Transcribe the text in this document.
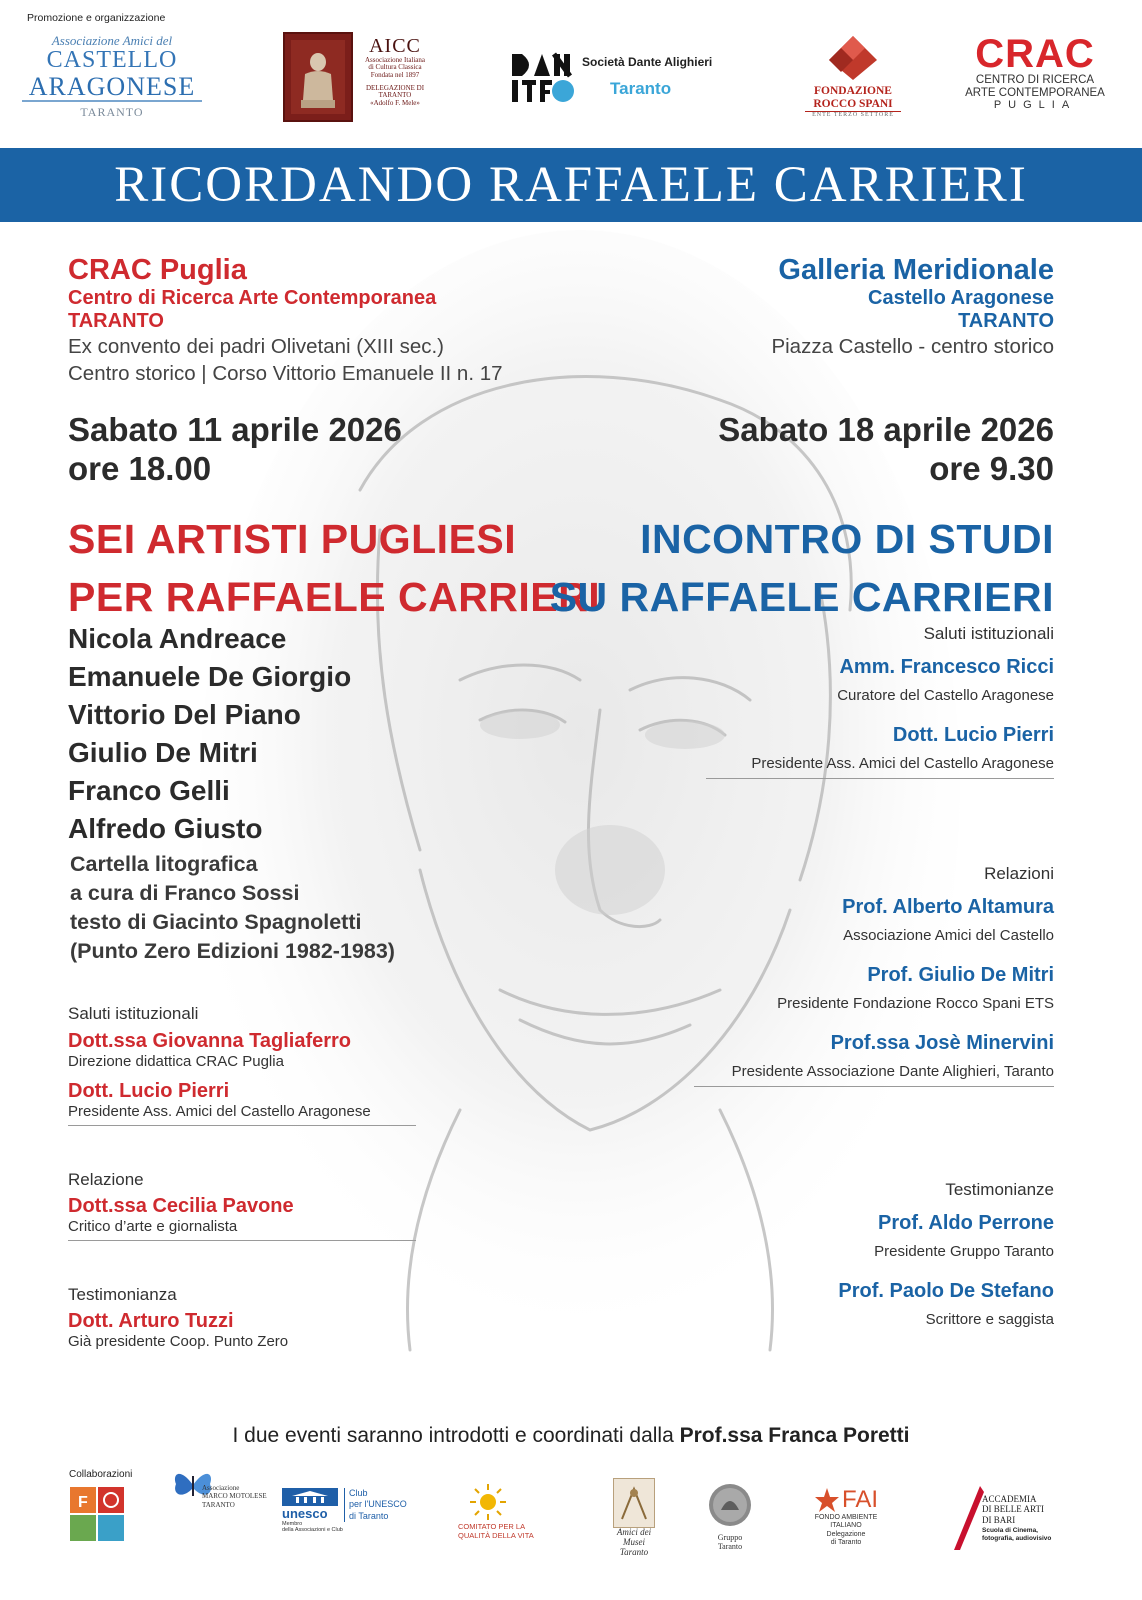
Promozione e organizzazione
Associazione Amici del
CASTELLO
ARAGONESE
TARANTO
AICC
Associazione Italiana
di Cultura Classica
Fondata nel 1897
DELEGAZIONE DI TARANTO
«Adolfo F. Mele»
Società Dante Alighieri
Taranto	FONDAZIONE
ROCCO SPANI
ENTE TERZO SETTORE
CRAC
CENTRO DI RICERCA
ARTE CONTEMPORANEA
PUGLIA
RICORDANDO RAFFAELE CARRIERI
CRAC Puglia
Centro di Ricerca Arte Contemporanea
TARANTO
Ex convento dei padri Olivetani (XIII sec.)
Centro storico | Corso Vittorio Emanuele II n. 17
Sabato 11 aprile 2026
ore 18.00
SEI ARTISTI PUGLIESI
PER RAFFAELE CARRIERI
Nicola Andreace
Emanuele De Giorgio
Vittorio Del Piano
Giulio De Mitri
Franco Gelli
Alfredo Giusto
Cartella litografica
a cura di Franco Sossi
testo di Giacinto Spagnoletti
(Punto Zero Edizioni 1982-1983)
Saluti istituzionali
Dott.ssa Giovanna Tagliaferro
Direzione didattica CRAC Puglia
Dott. Lucio Pierri
Presidente Ass. Amici del Castello Aragonese
Relazione
Dott.ssa Cecilia Pavone
Critico d’arte e giornalista
Testimonianza
Dott. Arturo Tuzzi
Già presidente Coop. Punto Zero
Galleria Meridionale
Castello Aragonese
TARANTO
Piazza Castello - centro storico
Sabato 18 aprile 2026
ore 9.30
INCONTRO DI STUDI
SU RAFFAELE CARRIERI
Saluti istituzionali
Amm. Francesco Ricci
Curatore del Castello Aragonese
Dott. Lucio Pierri
Presidente Ass. Amici del Castello Aragonese
Relazioni
Prof. Alberto Altamura
Associazione Amici del Castello
Prof. Giulio De Mitri
Presidente Fondazione Rocco Spani ETS
Prof.ssa Josè Minervini
Presidente Associazione Dante Alighieri, Taranto
Testimonianze
Prof. Aldo Perrone
Presidente Gruppo Taranto
Prof. Paolo De Stefano
Scrittore e saggista
I due eventi saranno introdotti e coordinati dalla Prof.ssa Franca Poretti
Collaborazioni
F
Associazione
MARCO MOTOLESE
TARANTO
unesco
Membro
della Associazioni e Club
Club
per l'UNESCO
di Taranto
COMITATO PER LA
QUALITÀ DELLA VITA	Amici dei
Musei
Taranto
Gruppo
Taranto
FAI
FONDO AMBIENTE
ITALIANO
Delegazione
di Taranto
ACCADEMIA
DI BELLE ARTI
DI BARI
Scuola di Cinema,
fotografia, audiovisivo
